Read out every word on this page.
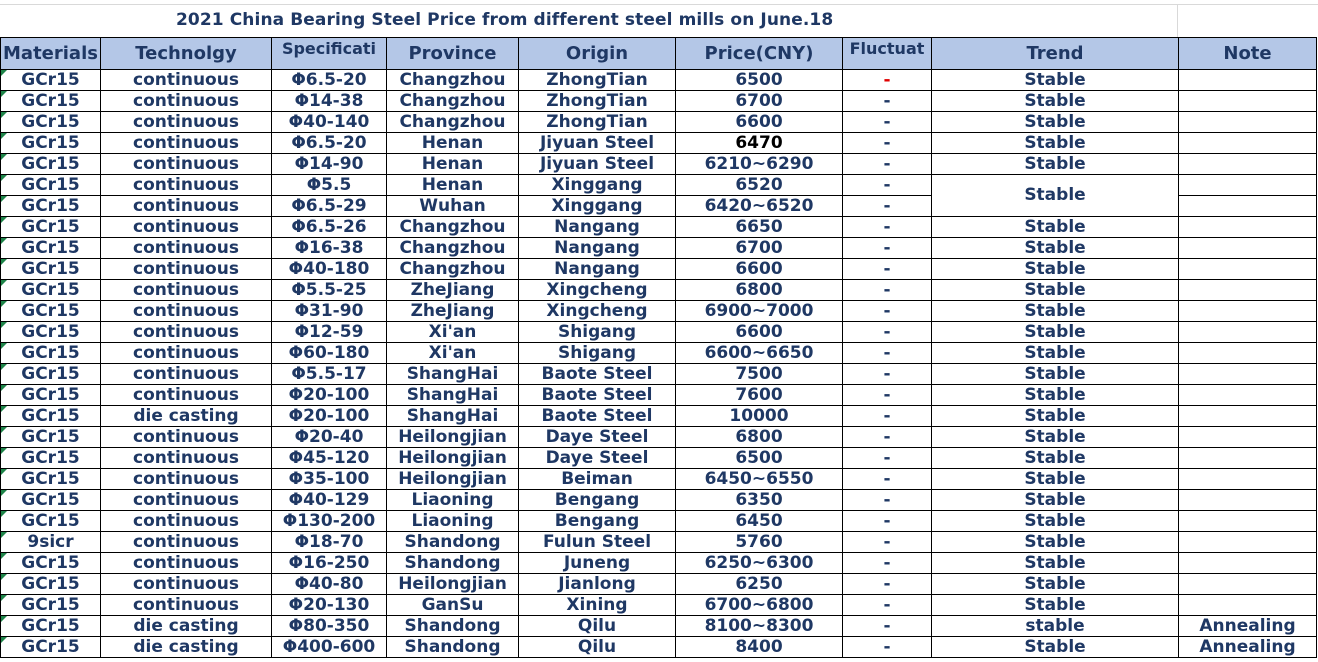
2021 China Bearing Steel Price from different steel mills on June.18
Materials	Technolgy	Specificati	Province	Origin	Price(CNY)	Fluctuat	Trend	Note

GCr15	continuous	Φ6.5-20	Changzhou	ZhongTian	6500	-	Stable	

GCr15	continuous	Φ14-38	Changzhou	ZhongTian	6700	-	Stable	

GCr15	continuous	Φ40-140	Changzhou	ZhongTian	6600	-	Stable	

GCr15	continuous	Φ6.5-20	Henan	Jiyuan Steel	6470	-	Stable	

GCr15	continuous	Φ14-90	Henan	Jiyuan Steel	6210~6290	-	Stable	

GCr15	continuous	Φ5.5	Henan	Xinggang	6520	-	Stable	

GCr15	continuous	Φ6.5-29	Wuhan	Xinggang	6420~6520	-		

GCr15	continuous	Φ6.5-26	Changzhou	Nangang	6650	-	Stable	

GCr15	continuous	Φ16-38	Changzhou	Nangang	6700	-	Stable	

GCr15	continuous	Φ40-180	Changzhou	Nangang	6600	-	Stable	

GCr15	continuous	Φ5.5-25	ZheJiang	Xingcheng	6800	-	Stable	

GCr15	continuous	Φ31-90	ZheJiang	Xingcheng	6900~7000	-	Stable	

GCr15	continuous	Φ12-59	Xi'an	Shigang	6600	-	Stable	

GCr15	continuous	Φ60-180	Xi'an	Shigang	6600~6650	-	Stable	

GCr15	continuous	Φ5.5-17	ShangHai	Baote Steel	7500	-	Stable	

GCr15	continuous	Φ20-100	ShangHai	Baote Steel	7600	-	Stable	

GCr15	die casting	Φ20-100	ShangHai	Baote Steel	10000	-	Stable	

GCr15	continuous	Φ20-40	Heilongjian	Daye Steel	6800	-	Stable	

GCr15	continuous	Φ45-120	Heilongjian	Daye Steel	6500	-	Stable	

GCr15	continuous	Φ35-100	Heilongjian	Beiman	6450~6550	-	Stable	

GCr15	continuous	Φ40-129	Liaoning	Bengang	6350	-	Stable	

GCr15	continuous	Φ130-200	Liaoning	Bengang	6450	-	Stable	

9sicr	continuous	Φ18-70	Shandong	Fulun Steel	5760	-	Stable	

GCr15	continuous	Φ16-250	Shandong	Juneng	6250~6300	-	Stable	

GCr15	continuous	Φ40-80	Heilongjian	Jianlong	6250	-	Stable	

GCr15	continuous	Φ20-130	GanSu	Xining	6700~6800	-	Stable	

GCr15	die casting	Φ80-350	Shandong	Qilu	8100~8300	-	stable	Annealing

GCr15	die casting	Φ400-600	Shandong	Qilu	8400	-	Stable	Annealing
